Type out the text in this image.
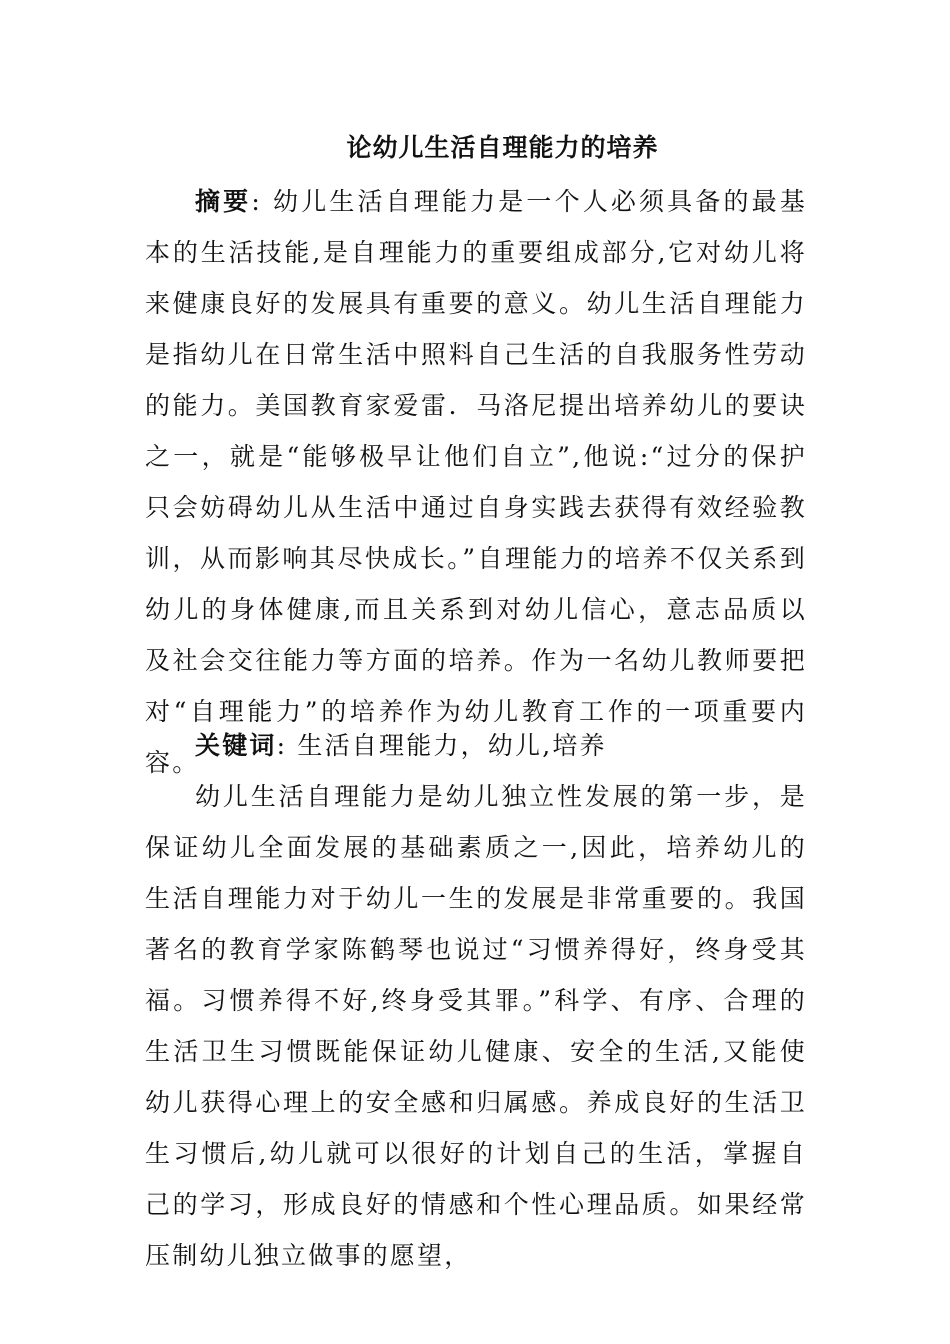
论幼儿生活自理能力的培养

摘要: 幼儿生活自理能力是一个人必须具备的最基本的生活技能,是自理能力的重要组成部分,它对幼儿将来健康良好的发展具有重要的意义。幼儿生活自理能力是指幼儿在日常生活中照料自己生活的自我服务性劳动的能力。美国教育家爱雷．马洛尼提出培养幼儿的要诀之一，就是“能够极早让他们自立”,他说:“过分的保护只会妨碍幼儿从生活中通过自身实践去获得有效经验教训，从而影响其尽快成长。”自理能力的培养不仅关系到幼儿的身体健康,而且关系到对幼儿信心，意志品质以及社会交往能力等方面的培养。作为一名幼儿教师要把对“自理能力”的培养作为幼儿教育工作的一项重要内容。

关键词: 生活自理能力，幼儿,培养

幼儿生活自理能力是幼儿独立性发展的第一步，是保证幼儿全面发展的基础素质之一,因此，培养幼儿的生活自理能力对于幼儿一生的发展是非常重要的。我国著名的教育学家陈鹤琴也说过“习惯养得好，终身受其福。习惯养得不好,终身受其罪。”科学、有序、合理的生活卫生习惯既能保证幼儿健康、安全的生活,又能使幼儿获得心理上的安全感和归属感。养成良好的生活卫生习惯后,幼儿就可以很好的计划自己的生活，掌握自己的学习，形成良好的情感和个性心理品质。如果经常压制幼儿独立做事的愿望，
